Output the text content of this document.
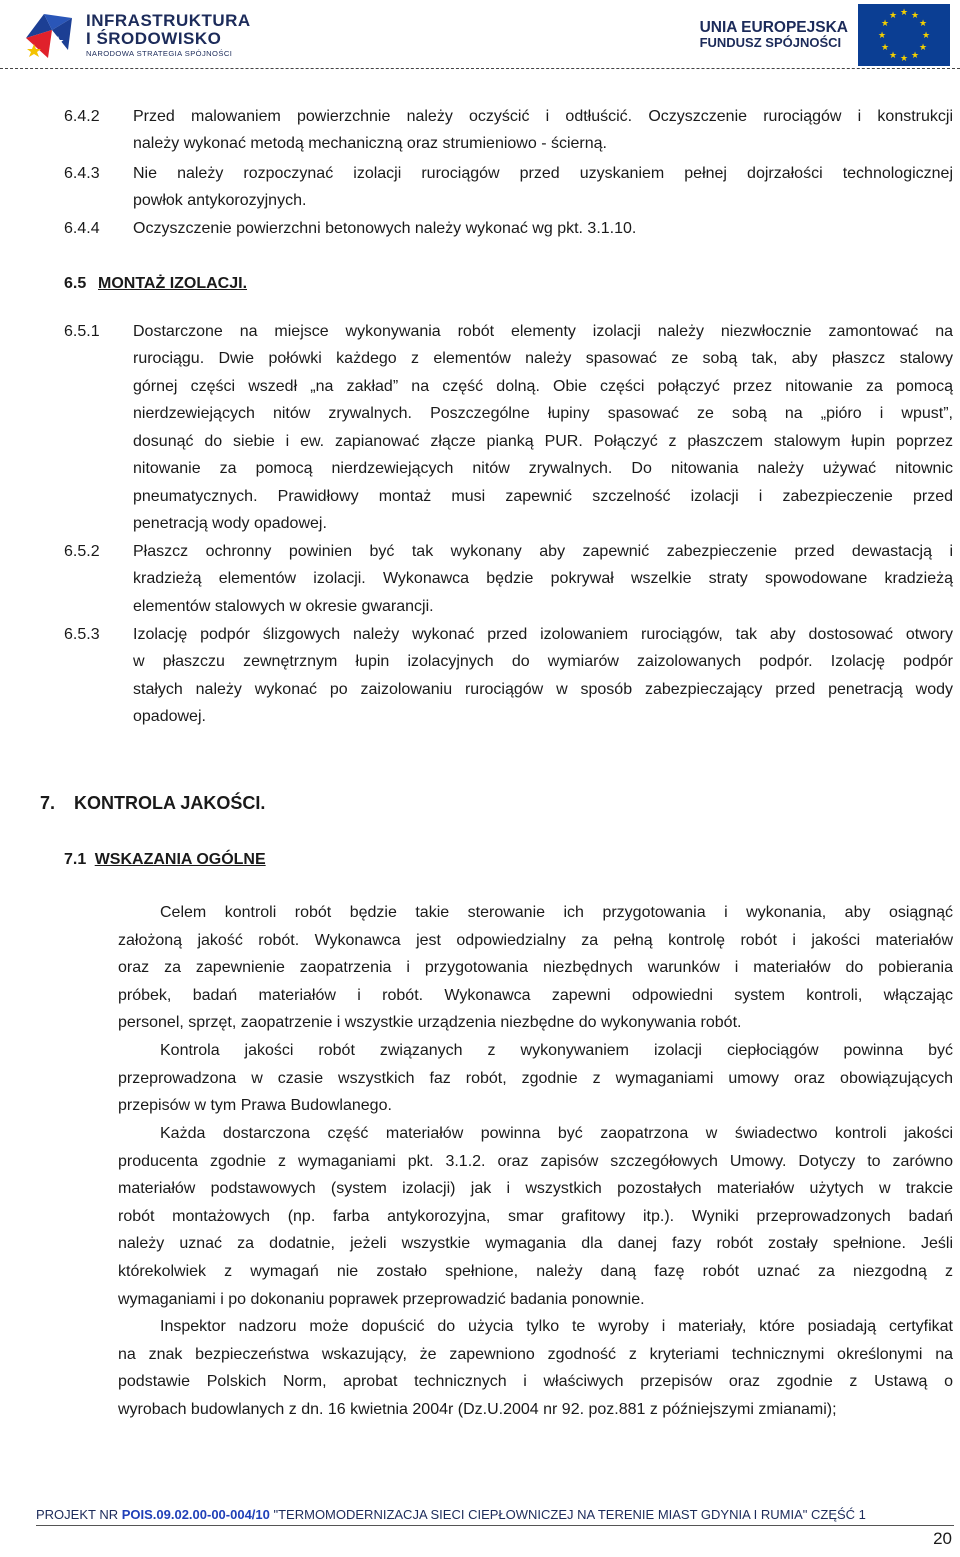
INFRASTRUKTURA
I ŚRODOWISKO
NARODOWA STRATEGIA SPÓJNOŚCI
UNIA EUROPEJSKA
FUNDUSZ SPÓJNOŚCI
★ ★
★
★
★
★
★
★
★
★
★
★
6.4.2 Przed malowaniem powierzchnie należy oczyścić i odtłuścić. Oczyszczenie rurociągów i konstrukcji
należy wykonać metodą mechaniczną oraz strumieniowo - ścierną.
6.4.3 Nie należy rozpoczynać izolacji rurociągów przed uzyskaniem pełnej dojrzałości technologicznej
powłok antykorozyjnych.
6.4.4 Oczyszczenie powierzchni betonowych należy wykonać wg pkt. 3.1.10.
6.5 MONTAŻ IZOLACJI.
6.5.1 Dostarczone na miejsce wykonywania robót elementy izolacji należy niezwłocznie zamontować na
rurociągu. Dwie połówki każdego z elementów należy spasować ze sobą tak, aby płaszcz stalowy
górnej części wszedł „na zakład” na część dolną. Obie części połączyć przez nitowanie za pomocą
nierdzewiejących nitów zrywalnych. Poszczególne łupiny spasować ze sobą na „pióro i wpust”,
dosunąć do siebie i ew. zapianować złącze pianką PUR. Połączyć z płaszczem stalowym łupin poprzez
nitowanie za pomocą nierdzewiejących nitów zrywalnych. Do nitowania należy używać nitownic
pneumatycznych. Prawidłowy montaż musi zapewnić szczelność izolacji i zabezpieczenie przed
penetracją wody opadowej.
6.5.2 Płaszcz ochronny powinien być tak wykonany aby zapewnić zabezpieczenie przed dewastacją i
kradzieżą elementów izolacji. Wykonawca będzie pokrywał wszelkie straty spowodowane kradzieżą
elementów stalowych w okresie gwarancji.
6.5.3 Izolację podpór ślizgowych należy wykonać przed izolowaniem rurociągów, tak aby dostosować otwory
w płaszczu zewnętrznym łupin izolacyjnych do wymiarów zaizolowanych podpór. Izolację podpór
stałych należy wykonać po zaizolowaniu rurociągów w sposób zabezpieczający przed penetracją wody
opadowej.
7. KONTROLA JAKOŚCI.
7.1 WSKAZANIA OGÓLNE
Celem kontroli robót będzie takie sterowanie ich przygotowania i wykonania, aby osiągnąć
założoną jakość robót. Wykonawca jest odpowiedzialny za pełną kontrolę robót i jakości materiałów
oraz za zapewnienie zaopatrzenia i przygotowania niezbędnych warunków i materiałów do pobierania
próbek, badań materiałów i robót. Wykonawca zapewni odpowiedni system kontroli, włączając
personel, sprzęt, zaopatrzenie i wszystkie urządzenia niezbędne do wykonywania robót.
Kontrola jakości robót związanych z wykonywaniem izolacji ciepłociągów powinna być
przeprowadzona w czasie wszystkich faz robót, zgodnie z wymaganiami umowy oraz obowiązujących
przepisów w tym Prawa Budowlanego.
Każda dostarczona część materiałów powinna być zaopatrzona w świadectwo kontroli jakości
producenta zgodnie z wymaganiami pkt. 3.1.2. oraz zapisów szczegółowych Umowy. Dotyczy to zarówno
materiałów podstawowych (system izolacji) jak i wszystkich pozostałych materiałów użytych w trakcie
robót montażowych (np. farba antykorozyjna, smar grafitowy itp.). Wyniki przeprowadzonych badań
należy uznać za dodatnie, jeżeli wszystkie wymagania dla danej fazy robót zostały spełnione. Jeśli
którekolwiek z wymagań nie zostało spełnione, należy daną fazę robót uznać za niezgodną z
wymaganiami i po dokonaniu poprawek przeprowadzić badania ponownie.
Inspektor nadzoru może dopuścić do użycia tylko te wyroby i materiały, które posiadają certyfikat
na znak bezpieczeństwa wskazujący, że zapewniono zgodność z kryteriami technicznymi określonymi na
podstawie Polskich Norm, aprobat technicznych i właściwych przepisów oraz zgodnie z Ustawą o
wyrobach budowlanych z dn. 16 kwietnia 2004r (Dz.U.2004 nr 92. poz.881 z późniejszymi zmianami);
PROJEKT NR POIS.09.02.00-00-004/10 "TERMOMODERNIZACJA SIECI CIEPŁOWNICZEJ NA TERENIE MIAST GDYNIA I RUMIA" CZĘŚĆ 1
20
